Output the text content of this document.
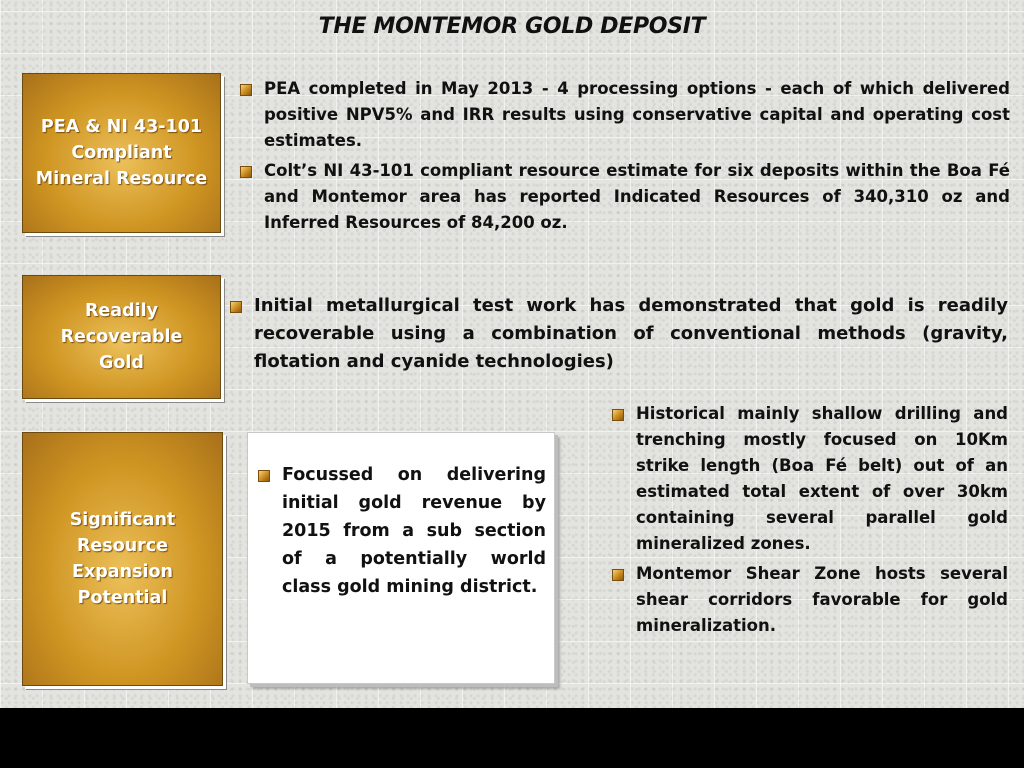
THE MONTEMOR GOLD DEPOSIT
PEA & NI 43-101 Compliant Mineral Resource
PEA completed in May 2013 - 4 processing options - each of which delivered positive NPV5% and IRR results using conservative capital and operating cost estimates.
Colt’s NI 43-101 compliant resource estimate for six deposits within the Boa Fé and Montemor area has reported Indicated Resources of 340,310 oz and Inferred Resources of 84,200 oz.
Readily Recoverable Gold
Initial metallurgical test work has demonstrated that gold is readily recoverable using a combination of conventional methods (gravity, flotation and cyanide technologies)
Significant Resource Expansion Potential
Focussed on delivering initial gold revenue by 2015 from a sub section of a potentially world class gold mining district.
Historical mainly shallow drilling and trenching mostly focused on 10Km strike length (Boa Fé belt) out of an estimated total extent of over 30km containing several parallel gold mineralized zones.
Montemor Shear Zone hosts several shear corridors favorable for gold mineralization.
